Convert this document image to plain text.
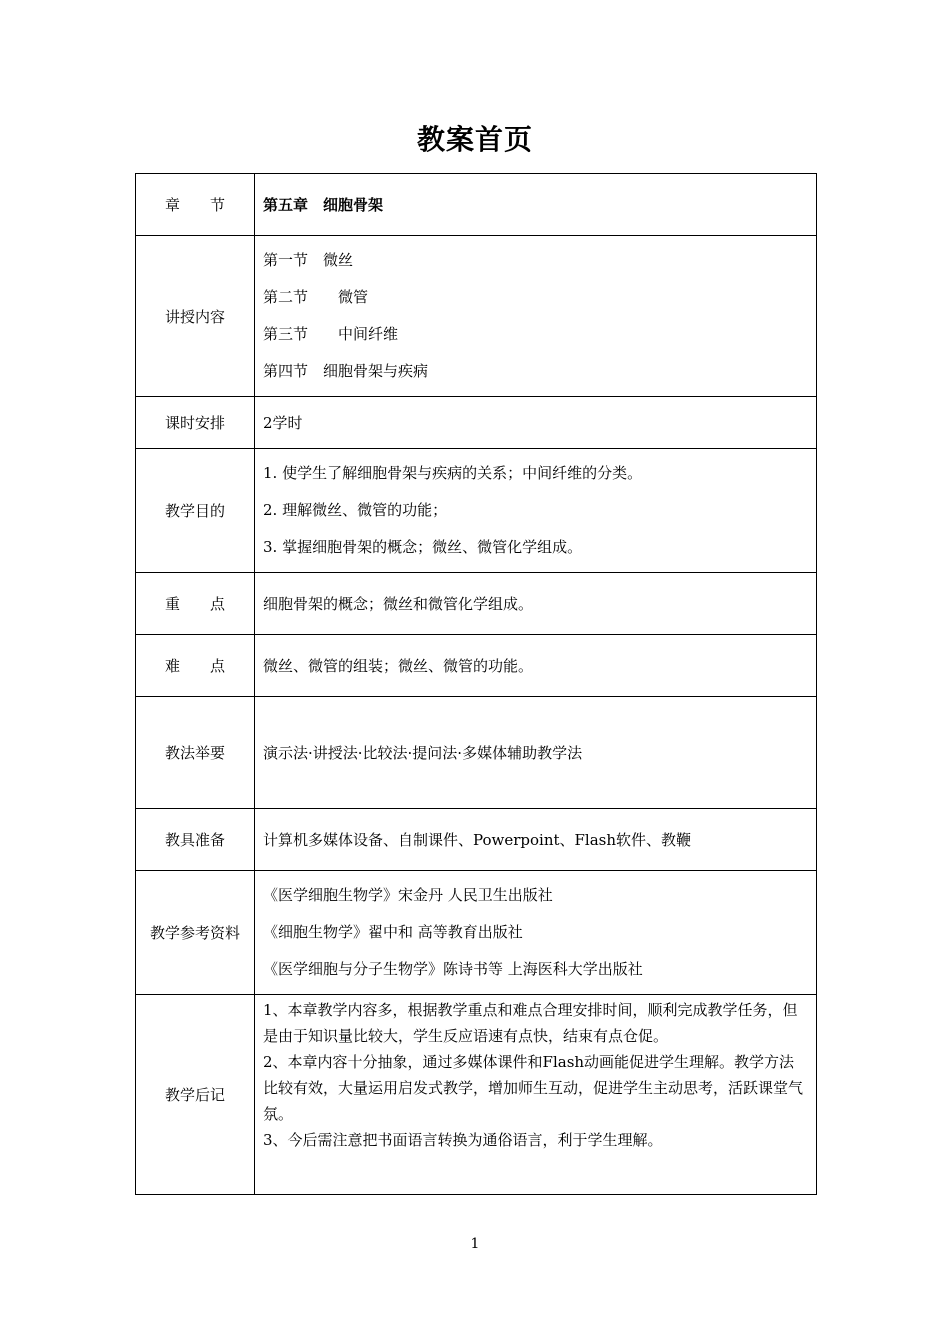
教案首页
章　　节	第五章　细胞骨架
讲授内容	第一节　微丝
第二节　　微管
第三节　　中间纤维
第四节　细胞骨架与疾病

课时安排	2学时
教学目的	1. 使学生了解细胞骨架与疾病的关系；中间纤维的分类。
2. 理解微丝、微管的功能；
3. 掌握细胞骨架的概念；微丝、微管化学组成。

重　　点	细胞骨架的概念；微丝和微管化学组成。
难　　点	微丝、微管的组装；微丝、微管的功能。
教法举要	演示法·讲授法·比较法·提问法·多媒体辅助教学法
教具准备	计算机多媒体设备、自制课件、Powerpoint、Flash软件、教鞭
教学参考资料	《医学细胞生物学》宋金丹 人民卫生出版社
《细胞生物学》翟中和 高等教育出版社
《医学细胞与分子生物学》陈诗书等 上海医科大学出版社

教学后记	1、本章教学内容多，根据教学重点和难点合理安排时间，顺利完成教学任务，但是由于知识量比较大，学生反应语速有点快，结束有点仓促。
2、本章内容十分抽象，通过多媒体课件和Flash动画能促进学生理解。教学方法比较有效，大量运用启发式教学，增加师生互动，促进学生主动思考，活跃课堂气氛。
3、今后需注意把书面语言转换为通俗语言，利于学生理解。
1
